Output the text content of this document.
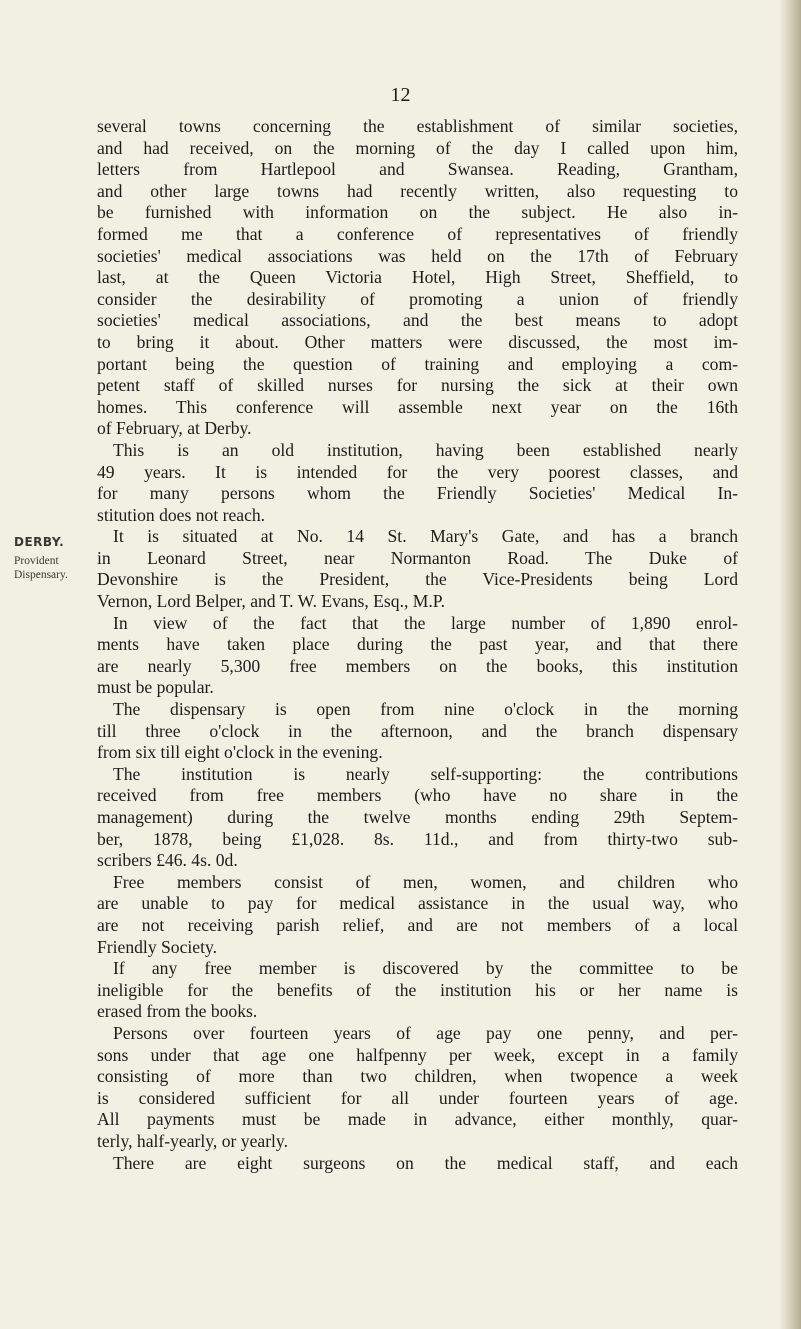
12
DERBY.
Provident
Dispensary.
several towns concerning the establishment of similar societies,
and had received, on the morning of the day I called upon him,
letters from Hartlepool and Swansea. Reading, Grantham,
and other large towns had recently written, also requesting to
be furnished with information on the subject. He also in-
formed me that a conference of representatives of friendly
societies' medical associations was held on the 17th of February
last, at the Queen Victoria Hotel, High Street, Sheffield, to
consider the desirability of promoting a union of friendly
societies' medical associations, and the best means to adopt
to bring it about. Other matters were discussed, the most im-
portant being the question of training and employing a com-
petent staff of skilled nurses for nursing the sick at their own
homes. This conference will assemble next year on the 16th
of February, at Derby.
This is an old institution, having been established nearly
49 years. It is intended for the very poorest classes, and
for many persons whom the Friendly Societies' Medical In-
stitution does not reach.
It is situated at No. 14 St. Mary's Gate, and has a branch
in Leonard Street, near Normanton Road. The Duke of
Devonshire is the President, the Vice-Presidents being Lord
Vernon, Lord Belper, and T. W. Evans, Esq., M.P.
In view of the fact that the large number of 1,890 enrol-
ments have taken place during the past year, and that there
are nearly 5,300 free members on the books, this institution
must be popular.
The dispensary is open from nine o'clock in the morning
till three o'clock in the afternoon, and the branch dispensary
from six till eight o'clock in the evening.
The institution is nearly self-supporting: the contributions
received from free members (who have no share in the
management) during the twelve months ending 29th Septem-
ber, 1878, being £1,028. 8s. 11d., and from thirty-two sub-
scribers £46. 4s. 0d.
Free members consist of men, women, and children who
are unable to pay for medical assistance in the usual way, who
are not receiving parish relief, and are not members of a local
Friendly Society.
If any free member is discovered by the committee to be
ineligible for the benefits of the institution his or her name is
erased from the books.
Persons over fourteen years of age pay one penny, and per-
sons under that age one halfpenny per week, except in a family
consisting of more than two children, when twopence a week
is considered sufficient for all under fourteen years of age.
All payments must be made in advance, either monthly, quar-
terly, half-yearly, or yearly.
There are eight surgeons on the medical staff, and each
